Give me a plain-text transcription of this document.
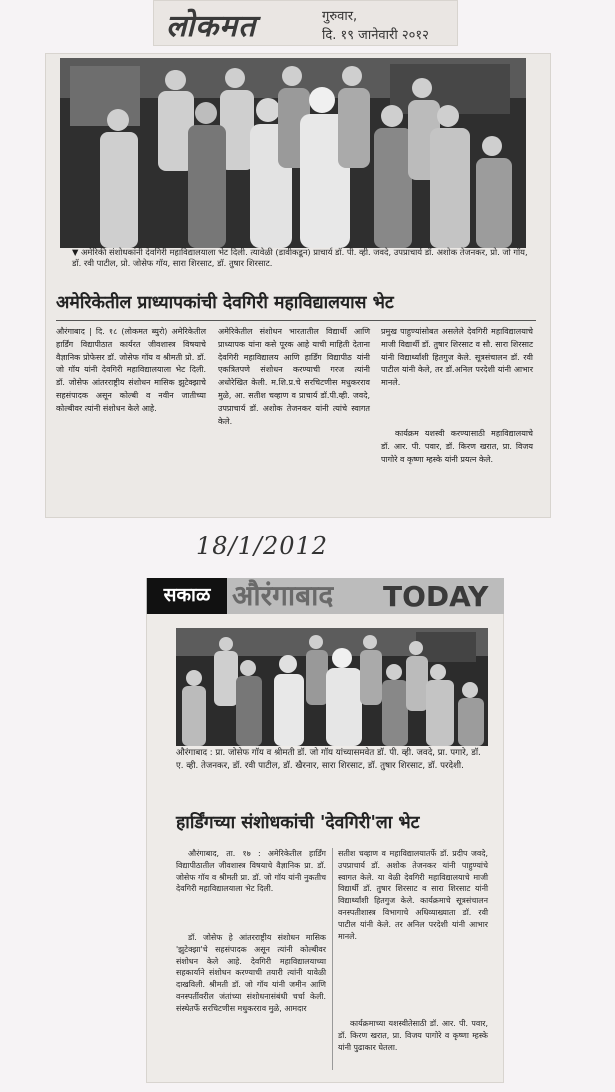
लोकमत	गुरुवार,
दि. १९ जानेवारी २०१२
▼ अमेरिकी संशोधकांनी देवगिरी महाविद्यालयाला भेट दिली. त्यावेळी (डावीकडून) प्राचार्य डॉ. पी. व्ही. जवदे, उपप्राचार्य डॉ. अशोक तेजनकर, प्रो. जो गॉय, डॉ. रवी पाटील, प्रो. जोसेफ गॉय, सारा शिरसाट, डॉ. तुषार शिरसाट.
अमेरिकेतील प्राध्यापकांची देवगिरी महाविद्यालयास भेट
औरंगाबाद | दि. १८ (लोकमत ब्युरो) अमेरिकेतील हार्डिंग विद्यापीठात कार्यरत जीवशास्त्र विषयाचे वैज्ञानिक प्रोफेसर डॉ. जोसेफ गॉय व श्रीमती प्रो. डॉ. जो गॉय यांनी देवगिरी महाविद्यालयाला भेट दिली. डॉ. जोसेफ आंतरराष्ट्रीय संशोधन मासिक झुटेक्झाचे सहसंपादक असून कोल्बी व नवीन जातीच्या कोल्बीवर त्यांनी संशोधन केले आहे.
अमेरिकेतील संशोधन भारतातील विद्यार्थी आणि प्राध्यापक यांना कसे पूरक आहे याची माहिती देताना देवगिरी महाविद्यालय आणि हार्डिंग विद्यापीठ यांनी एकत्रितपणे संशोधन करण्याची गरज त्यांनी अधोरेखित केली. म.शि.प्र.चे सरचिटणीस मधुकरराव मुळे, आ. सतीश चव्हाण व प्राचार्य डॉ.पी.व्ही. जवदे, उपप्राचार्य डॉ. अशोक तेजनकर यांनी त्यांचे स्वागत केले.
प्रमुख पाहुण्यांसोबत असलेले देवगिरी महाविद्यालयाचे माजी विद्यार्थी डॉ. तुषार शिरसाट व सौ. सारा शिरसाट यांनी विद्यार्थ्यांशी हितगुज केले. सूत्रसंचालन डॉ. रवी पाटील यांनी केले, तर डॉ.अनिल परदेशी यांनी आभार मानले.
कार्यक्रम यशस्वी करण्यासाठी महाविद्यालयाचे डॉ. आर. पी. पवार, डॉ. किरण खरात, प्रा. विजय पागोरे व कृष्णा म्हस्के यांनी प्रयत्न केले.
18/1/2012
सकाळ औरंगाबाद TODAY
औरंगाबाद : प्रा. जोसेफ गॉय व श्रीमती डॉ. जो गॉय यांच्यासमवेत डॉ. पी. व्ही. जवदे, प्रा. पगारे, डॉ. ए. व्ही. तेजनकर, डॉ. रवी पाटील, डॉ. खैरनार, सारा शिरसाट, डॉ. तुषार शिरसाट, डॉ. परदेशी.
हार्डिंगच्या संशोधकांची 'देवगिरी'ला भेट
औरंगाबाद, ता. १७ : अमेरिकेतील हार्डिंग विद्यापीठातील जीवशास्त्र विषयाचे वैज्ञानिक प्रा. डॉ. जोसेफ गॉय व श्रीमती प्रा. डॉ. जो गॉय यांनी नुकतीच देवगिरी महाविद्यालयाला भेट दिली.
डॉ. जोसेफ हे आंतरराष्ट्रीय संशोधन मासिक 'झुटेक्झा'चे सहसंपादक असून त्यांनी कोल्बीवर संशोधन केले आहे. देवगिरी महाविद्यालयाच्या सहकार्याने संशोधन करण्याची तयारी त्यांनी यावेळी दाखविली. श्रीमती डॉ. जो गॉय यांनी जमीन आणि वनस्पतींवरील जंतांच्या संशोधनासंबंधी चर्चा केली. संस्थेतर्फे सरचिटणीस मधुकरराव मुळे, आमदार
सतीश चव्हाण व महाविद्यालयातर्फे डॉ. प्रदीप जवदे, उपप्राचार्य डॉ. अशोक तेजनकर यांनी पाहुण्यांचे स्वागत केले. या वेळी देवगिरी महाविद्यालयाचे माजी विद्यार्थी डॉ. तुषार शिरसाट व सारा शिरसाट यांनी विद्यार्थ्यांशी हितगुज केले. कार्यक्रमाचे सूत्रसंचालन वनस्पतीशास्त्र विभागाचे अधिव्याख्याता डॉ. रवी पाटील यांनी केले. तर अनिल परदेशी यांनी आभार मानले.
कार्यक्रमाच्या यशस्वीतेसाठी डॉ. आर. पी. पवार, डॉ. किरण खरात, प्रा. विजय पागोरे व कृष्णा म्हस्के यांनी पुढाकार घेतला.
